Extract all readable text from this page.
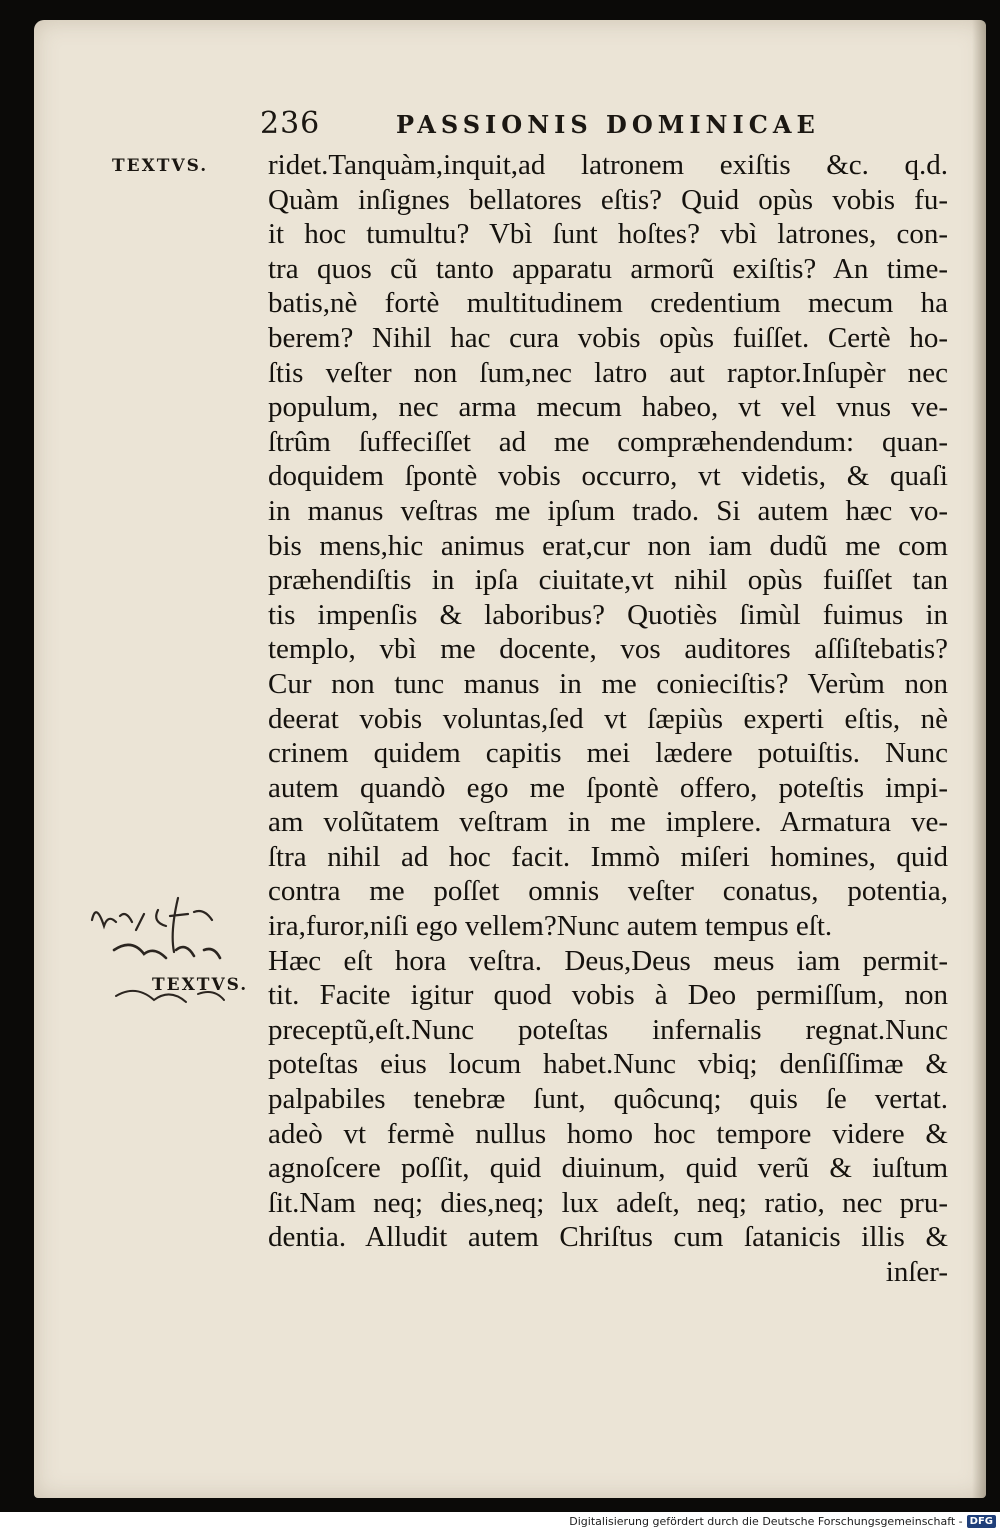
236	PASSIONIS DOMINICAE
TEXTVS.
TEXTVS.
ridet.Tanquàm,inquit,ad latronem exiſtis &c. q.d.
Quàm inſignes bellatores eſtis? Quid opùs vobis fu-
it hoc tumultu? Vbì ſunt hoſtes? vbì latrones, con-
tra quos cũ tanto apparatu armorũ exiſtis? An time-
batis,nè fortè multitudinem credentium mecum ha
berem? Nihil hac cura vobis opùs fuiſſet. Certè ho-
ſtis veſter non ſum,nec latro aut raptor.Inſupèr nec
populum, nec arma mecum habeo, vt vel vnus ve-
ſtrûm ſuffeciſſet ad me compræhendendum: quan-
doquidem ſpontè vobis occurro, vt videtis, & quaſi
in manus veſtras me ipſum trado. Si autem hæc vo-
bis mens,hic animus erat,cur non iam dudũ me com
præhendiſtis in ipſa ciuitate,vt nihil opùs fuiſſet tan
tis impenſis & laboribus? Quotiès ſimùl fuimus in
templo, vbì me docente, vos auditores aſſiſtebatis?
Cur non tunc manus in me conieciſtis? Verùm non
deerat vobis voluntas,ſed vt ſæpiùs experti eſtis, nè
crinem quidem capitis mei lædere potuiſtis. Nunc
autem quandò ego me ſpontè offero, poteſtis impi-
am volũtatem veſtram in me implere. Armatura ve-
ſtra nihil ad hoc facit. Immò miſeri homines, quid
contra me poſſet omnis veſter conatus, potentia,
ira,furor,niſi ego vellem?Nunc autem tempus eſt.
Hæc eſt hora veſtra. Deus,Deus meus iam permit-
tit. Facite igitur quod vobis à Deo permiſſum, non
preceptũ,eſt.Nunc poteſtas infernalis regnat.Nunc
poteſtas eius locum habet.Nunc vbiq; denſiſſimæ &
palpabiles tenebræ ſunt, quôcunq; quis ſe vertat.
adeò vt fermè nullus homo hoc tempore videre &
agnoſcere poſſit, quid diuinum, quid verũ & iuſtum
ſit.Nam neq; dies,neq; lux adeſt, neq; ratio, nec pru-
dentia. Alludit autem Chriſtus cum ſatanicis illis &
inſer-
Digitalisierung gefördert durch die Deutsche Forschungsgemeinschaft - DFG
